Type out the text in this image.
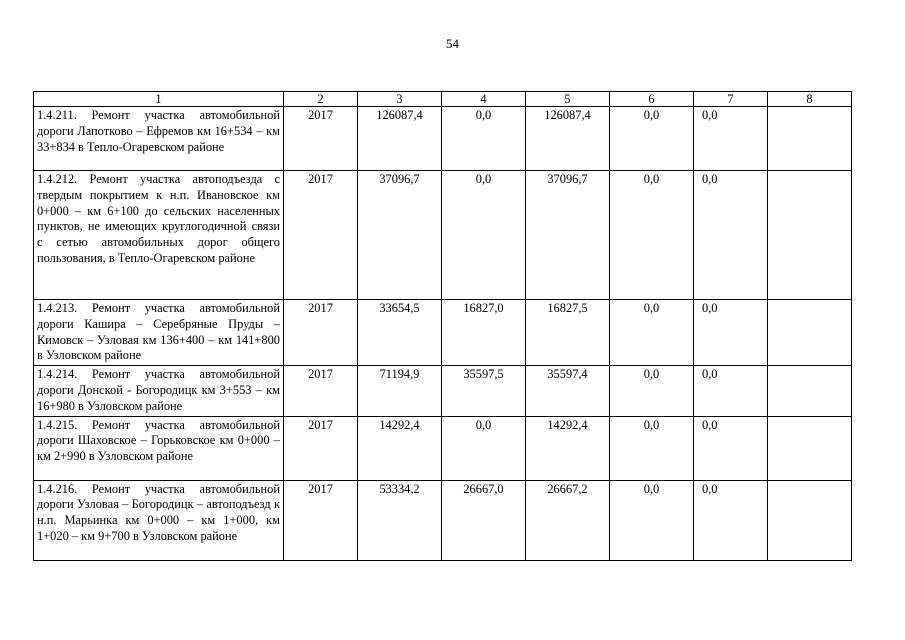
54
1	2	3	4	5	6	7	8
1.4.211. Ремонт участка автомобильной дороги Лапотково – Ефремов км 16+534 – км 33+834 в Тепло-Огаревском районе	2017	126087,4	0,0	126087,4	0,0	0,0	
1.4.212. Ремонт участка автоподъезда с твердым покрытием к н.п. Ивановское км 0+000 – км 6+100 до сельских населенных пунктов, не имеющих круглогодичной связи с сетью автомобильных дорог общего пользования, в Тепло-Огаревском районе	2017	37096,7	0,0	37096,7	0,0	0,0	
1.4.213. Ремонт участка автомобильной дороги Кашира – Серебряные Пруды – Кимовск – Узловая км 136+400 – км 141+800 в Узловском районе	2017	33654,5	16827,0	16827,5	0,0	0,0	
1.4.214. Ремонт участка автомобильной дороги Донской - Богородицк км 3+553 – км 16+980 в Узловском районе	2017	71194,9	35597,5	35597,4	0,0	0,0	
1.4.215. Ремонт участка автомобильной дороги Шаховское – Горьковское км 0+000 – км 2+990 в Узловском районе	2017	14292,4	0,0	14292,4	0,0	0,0	
1.4.216. Ремонт участка автомобильной дороги Узловая – Богородицк – автоподъезд к н.п. Марьинка км 0+000 – км 1+000, км 1+020 – км 9+700 в Узловском районе	2017	53334,2	26667,0	26667,2	0,0	0,0	
